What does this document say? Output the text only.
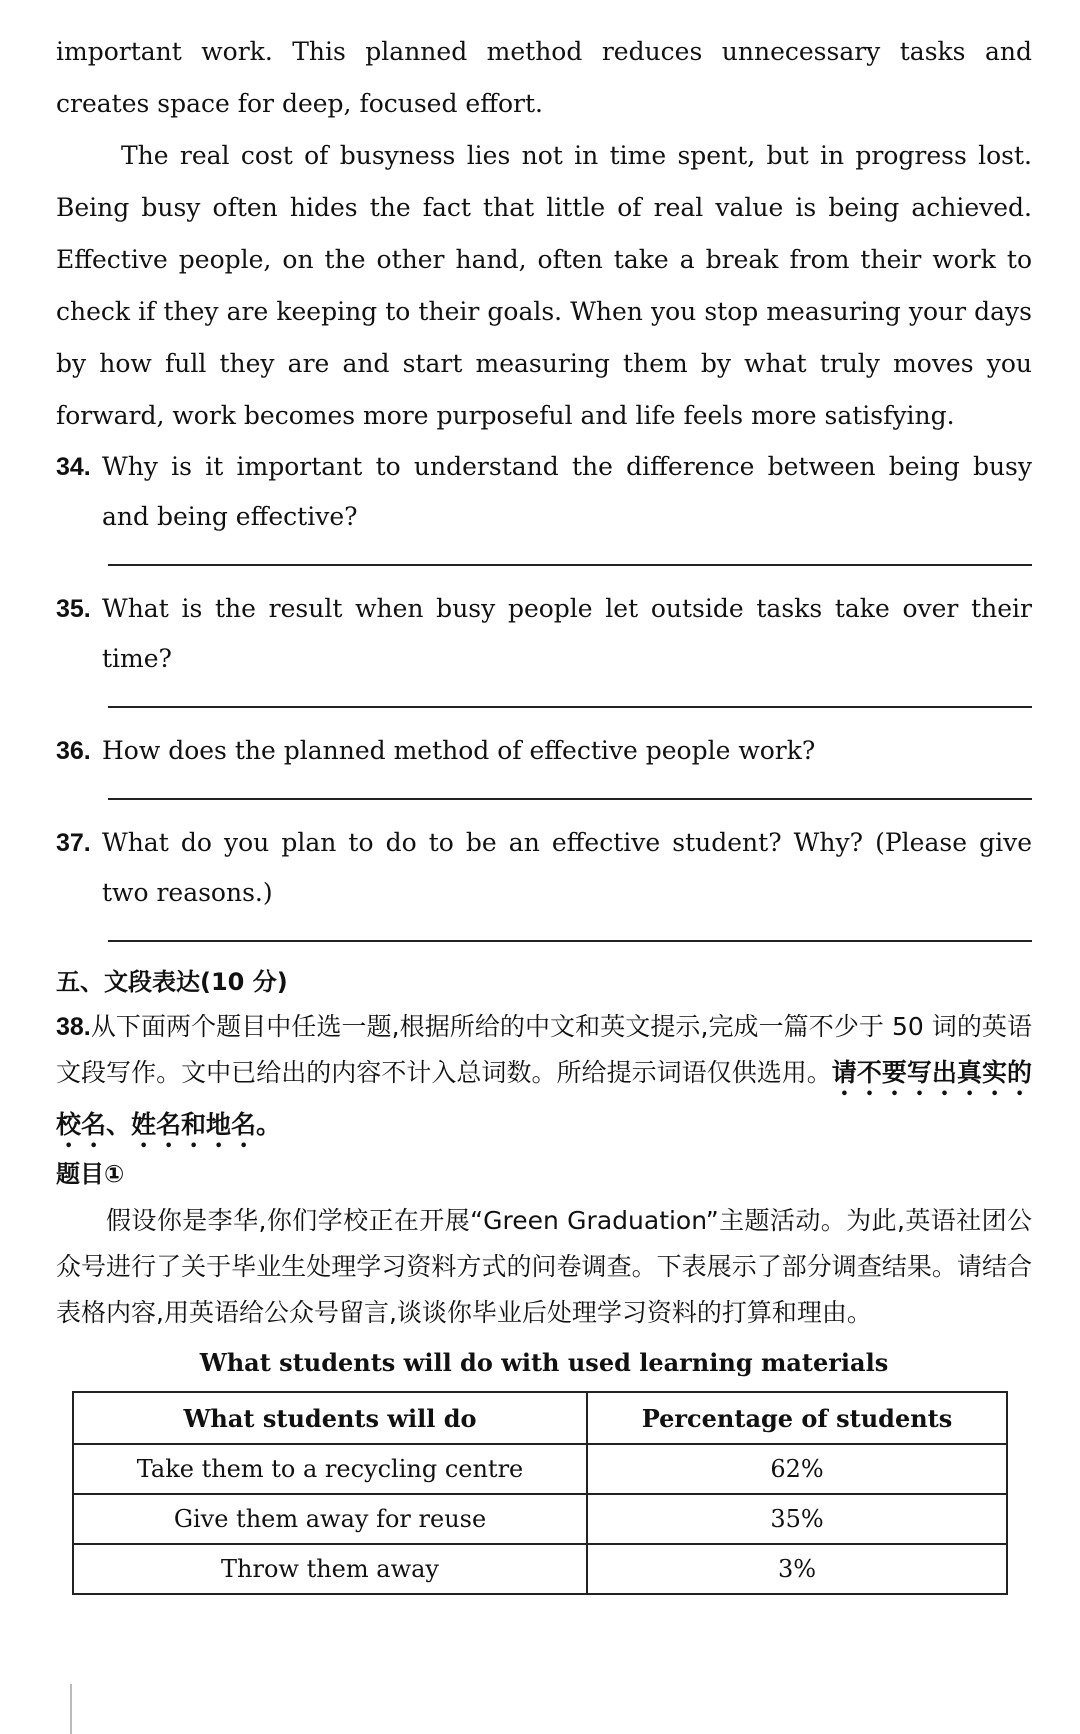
important work. This planned method reduces unnecessary tasks and creates space for deep, focused effort.

The real cost of busyness lies not in time spent, but in progress lost. Being busy often hides the fact that little of real value is being achieved. Effective people, on the other hand, often take a break from their work to check if they are keeping to their goals. When you stop measuring your days by how full they are and start measuring them by what truly moves you forward, work becomes more purposeful and life feels more satisfying.

34. Why is it important to understand the difference between being busy and being effective?
35. What is the result when busy people let outside tasks take over their time?
36. How does the planned method of effective people work?
37. What do you plan to do to be an effective student? Why? (Please give two reasons.)
五、文段表达(10 分)

38.从下面两个题目中任选一题,根据所给的中文和英文提示,完成一篇不少于 50 词的英语文段写作。文中已给出的内容不计入总词数。所给提示词语仅供选用。请不要写出真实的校名、姓名和地名。

题目①

假设你是李华,你们学校正在开展“Green Graduation”主题活动。为此,英语社团公众号进行了关于毕业生处理学习资料方式的问卷调查。下表展示了部分调查结果。请结合表格内容,用英语给公众号留言,谈谈你毕业后处理学习资料的打算和理由。

What students will do with used learning materials
What students will do	Percentage of students
Take them to a recycling centre	62%
Give them away for reuse	35%
Throw them away	3%
